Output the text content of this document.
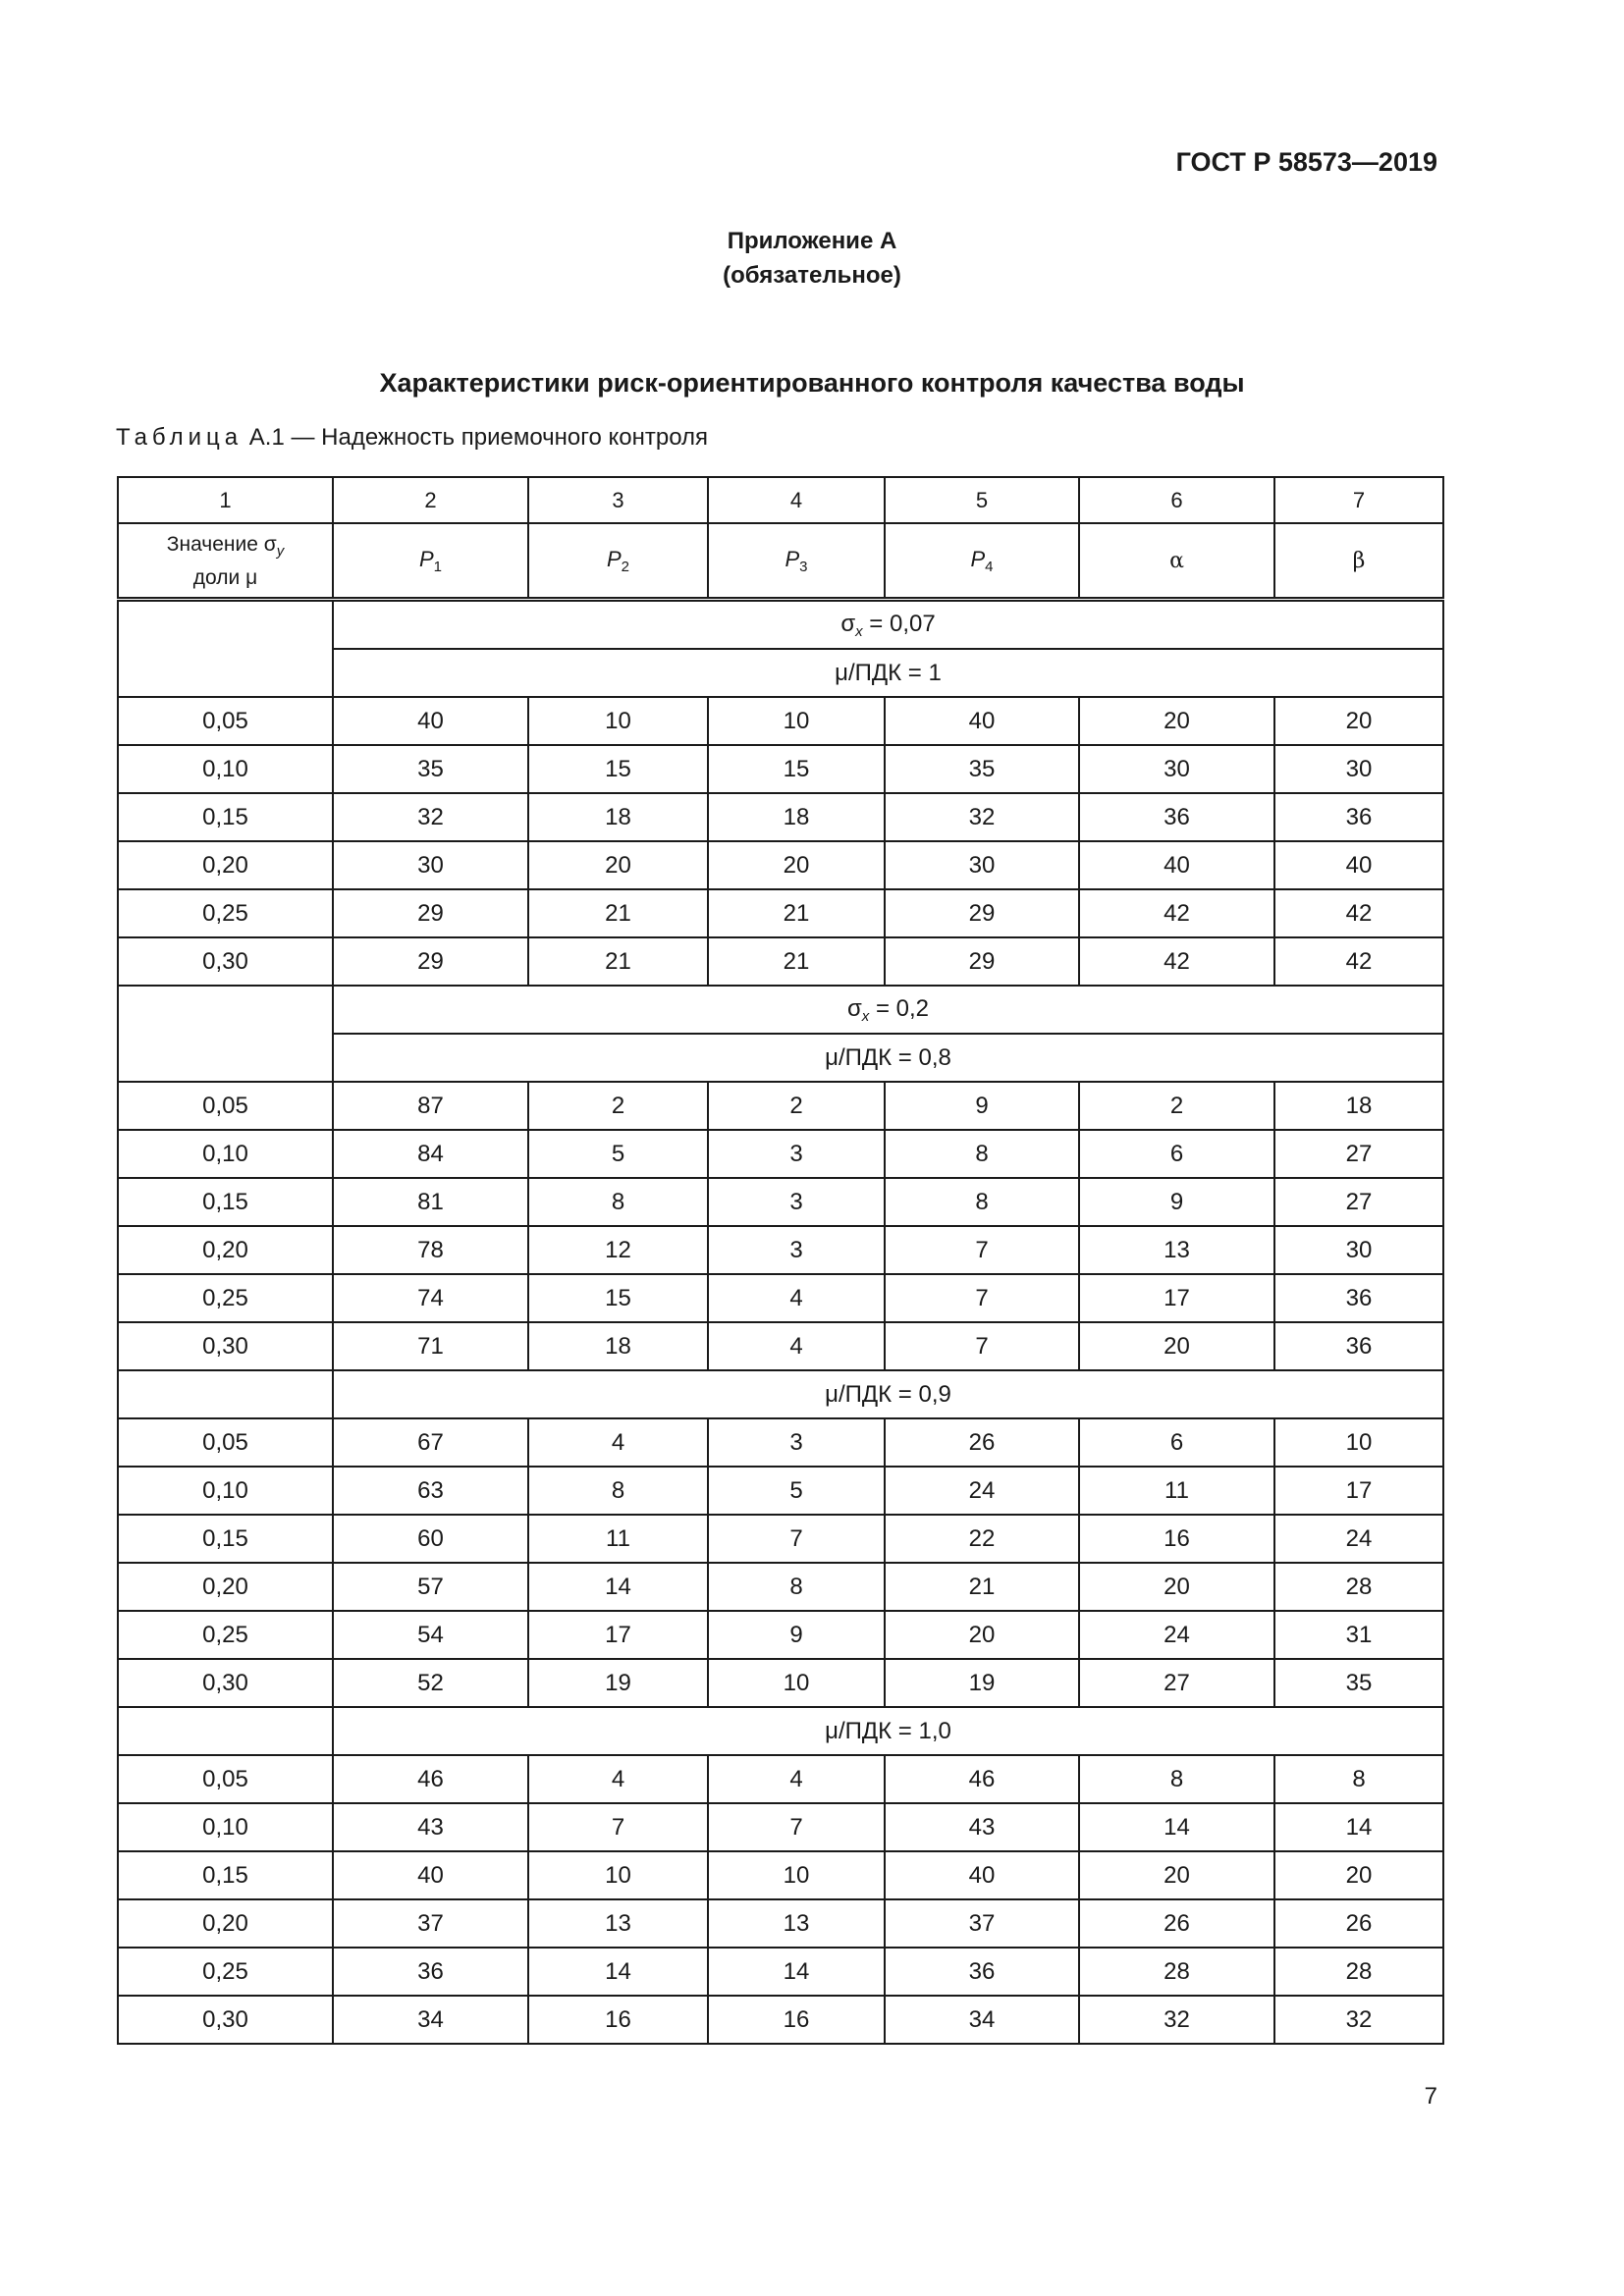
ГОСТ Р 58573—2019
Приложение А
(обязательное)
Характеристики риск-ориентированного контроля качества воды
Таблица А.1 — Надежность приемочного контроля
1	2	3	4	5	6	7
Значение $\sigma_y$
доли μ	$P_1$	$P_2$	$P_3$	$P_4$	α	β
	$\sigma_x = 0,07$					
	μ/ПДК = 1					
0,05	40	10	10	40	20	20
0,10	35	15	15	35	30	30
0,15	32	18	18	32	36	36
0,20	30	20	20	30	40	40
0,25	29	21	21	29	42	42
0,30	29	21	21	29	42	42
	$\sigma_x = 0,2$					
	μ/ПДК = 0,8					
0,05	87	2	2	9	2	18
0,10	84	5	3	8	6	27
0,15	81	8	3	8	9	27
0,20	78	12	3	7	13	30
0,25	74	15	4	7	17	36
0,30	71	18	4	7	20	36
	μ/ПДК = 0,9					
0,05	67	4	3	26	6	10
0,10	63	8	5	24	11	17
0,15	60	11	7	22	16	24
0,20	57	14	8	21	20	28
0,25	54	17	9	20	24	31
0,30	52	19	10	19	27	35
	μ/ПДК = 1,0					
0,05	46	4	4	46	8	8
0,10	43	7	7	43	14	14
0,15	40	10	10	40	20	20
0,20	37	13	13	37	26	26
0,25	36	14	14	36	28	28
0,30	34	16	16	34	32	32
7
